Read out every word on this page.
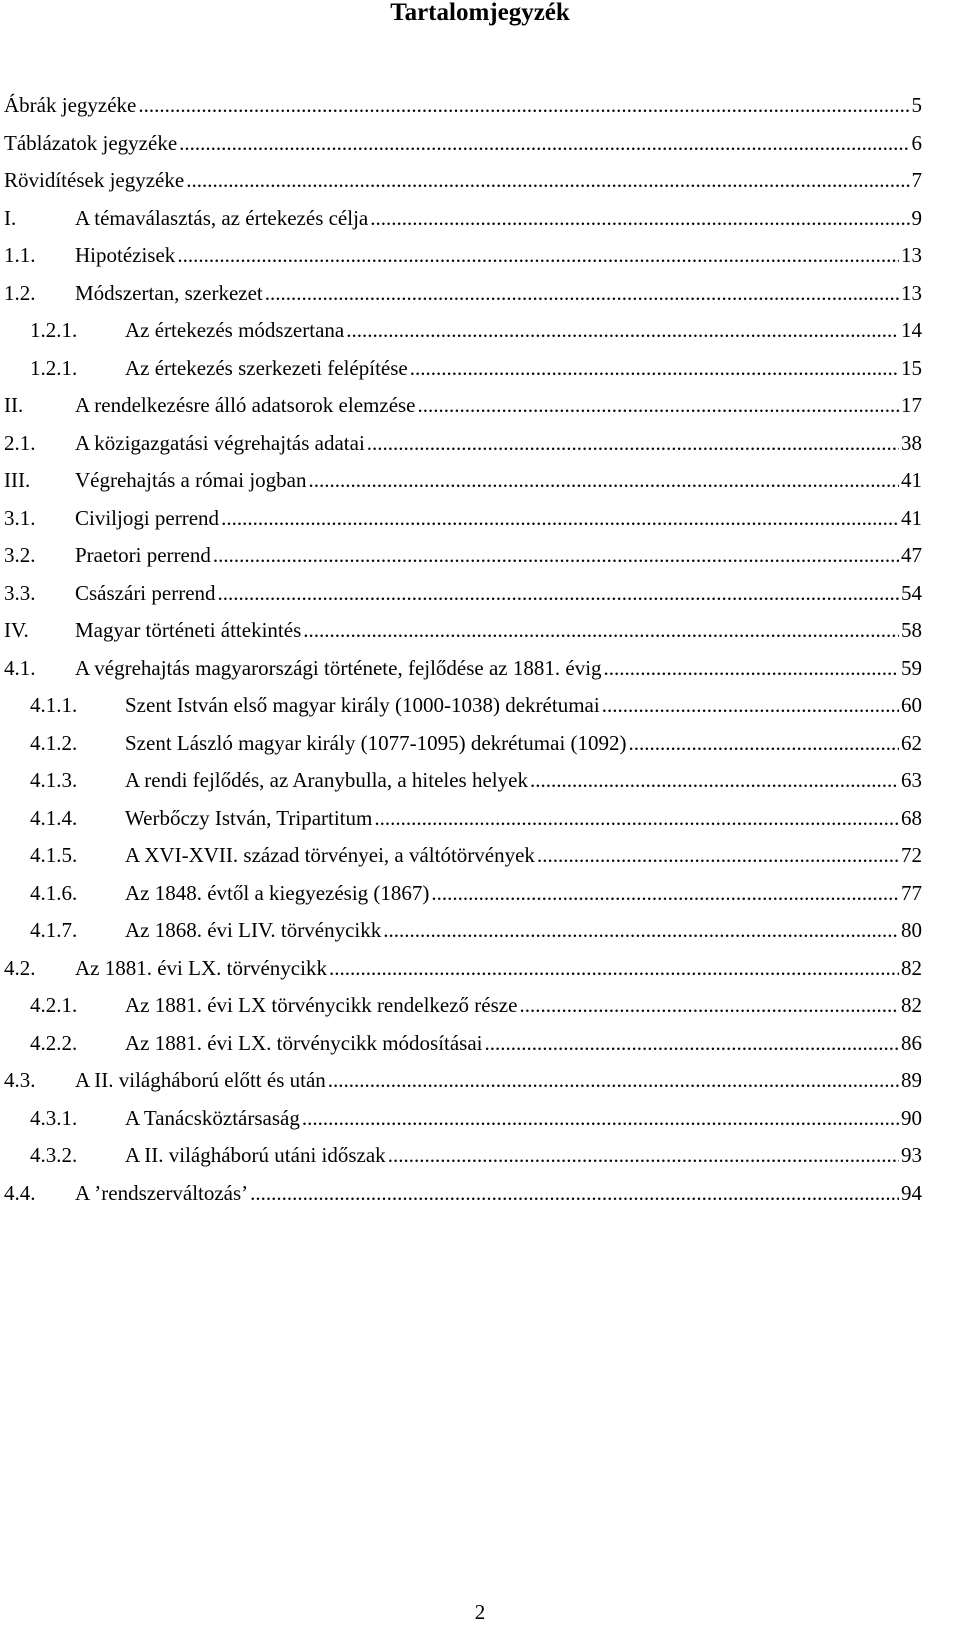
Tartalomjegyzék
Ábrák jegyzéke .....	5
Táblázatok jegyzéke .....	6
Rövidítések jegyzéke .....	7
I.	A témaválasztás, az értekezés célja .....	9
1.1.	Hipotézisek .....	13
1.2.	Módszertan, szerkezet .....	13
1.2.1.	Az értekezés módszertana .....	14
1.2.1.	Az értekezés szerkezeti felépítése .....	15
II.	A rendelkezésre álló adatsorok elemzése .....	17
2.1.	A közigazgatási végrehajtás adatai .....	38
III.	Végrehajtás a római jogban .....	41
3.1.	Civiljogi perrend .....	41
3.2.	Praetori perrend .....	47
3.3.	Császári perrend .....	54
IV.	Magyar történeti áttekintés .....	58
4.1.	A végrehajtás magyarországi története, fejlődése az 1881. évig .....	59
4.1.1.	Szent István első magyar király (1000-1038) dekrétumai .....	60
4.1.2.	Szent László magyar király (1077-1095) dekrétumai (1092) .....	62
4.1.3.	A rendi fejlődés, az Aranybulla, a hiteles helyek .....	63
4.1.4.	Werbőczy István, Tripartitum .....	68
4.1.5.	A XVI-XVII. század törvényei, a váltótörvények .....	72
4.1.6.	Az 1848. évtől a kiegyezésig (1867) .....	77
4.1.7.	Az 1868. évi LIV. törvénycikk .....	80
4.2.	Az 1881. évi LX. törvénycikk .....	82
4.2.1.	Az 1881. évi LX törvénycikk rendelkező része .....	82
4.2.2.	Az 1881. évi LX. törvénycikk módosításai .....	86
4.3.	A II. világháború előtt és után .....	89
4.3.1.	A Tanácsköztársaság .....	90
4.3.2.	A II. világháború utáni időszak .....	93
4.4.	A ’rendszerváltozás’ .....	94
2
